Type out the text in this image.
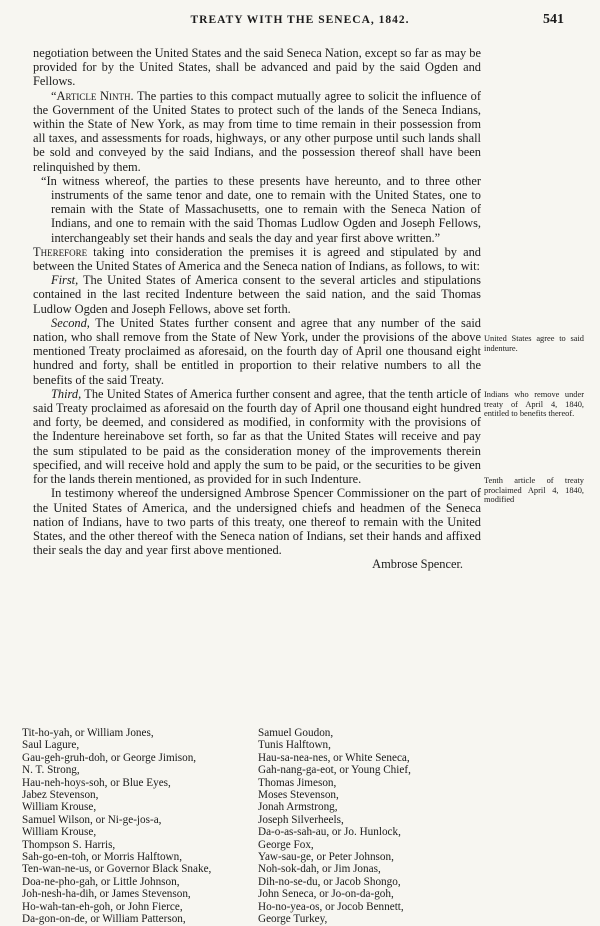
TREATY WITH THE SENECA, 1842.	541

negotiation between the United States and the said Seneca Nation, except so far as may be provided for by the United States, shall be advanced and paid by the said Ogden and Fellows.

“Article Ninth. The parties to this compact mutually agree to solicit the influence of the Government of the United States to protect such of the lands of the Seneca Indians, within the State of New York, as may from time to time remain in their possession from all taxes, and assessments for roads, highways, or any other purpose until such lands shall be sold and conveyed by the said Indians, and the possession thereof shall have been relinquished by them.

“In witness whereof, the parties to these presents have hereunto, and to three other instruments of the same tenor and date, one to remain with the United States, one to remain with the State of Massachusetts, one to remain with the Seneca Nation of Indians, and one to remain with the said Thomas Ludlow Ogden and Joseph Fellows, interchangeably set their hands and seals the day and year first above written.”

Therefore taking into consideration the premises it is agreed and stipulated by and between the United States of America and the Seneca nation of Indians, as follows, to wit:

First, The United States of America consent to the several articles and stipulations contained in the last recited Indenture between the said nation, and the said Thomas Ludlow Ogden and Joseph Fellows, above set forth.

Second, The United States further consent and agree that any number of the said nation, who shall remove from the State of New York, under the provisions of the above mentioned Treaty proclaimed as aforesaid, on the fourth day of April one thousand eight hundred and forty, shall be entitled in proportion to their relative numbers to all the benefits of the said Treaty.

Third, The United States of America further consent and agree, that the tenth article of said Treaty proclaimed as aforesaid on the fourth day of April one thousand eight hundred and forty, be deemed, and considered as modified, in conformity with the provisions of the Indenture hereinabove set forth, so far as that the United States will receive and pay the sum stipulated to be paid as the consideration money of the improvements therein specified, and will receive hold and apply the sum to be paid, or the securities to be given for the lands therein mentioned, as provided for in such Indenture.

In testimony whereof the undersigned Ambrose Spencer Commissioner on the part of the United States of America, and the undersigned chiefs and headmen of the Seneca nation of Indians, have to two parts of this treaty, one thereof to remain with the United States, and the other thereof with the Seneca nation of Indians, set their hands and affixed their seals the day and year first above mentioned.

Ambrose Spencer.

United States agree to said indenture.
Indians who remove under treaty of April 4, 1840, entitled to benefits thereof.
Tenth article of treaty proclaimed April 4, 1840, modified
Tit-ho-yah, or William Jones,
Saul Lagure,
Gau-geh-gruh-doh, or George Jimison,
N. T. Strong,
Hau-neh-hoys-soh, or Blue Eyes,
Jabez Stevenson,
William Krouse,
Samuel Wilson, or Ni-ge-jos-a,
William Krouse,
Thompson S. Harris,
Sah-go-en-toh, or Morris Halftown,
Ten-wan-ne-us, or Governor Black Snake,
Doa-ne-pho-gah, or Little Johnson,
Joh-nesh-ha-dih, or James Stevenson,
Ho-wah-tan-eh-goh, or John Fierce,
Da-gon-on-de, or William Patterson,
Samuel Goudon,
Tunis Halftown,
Hau-sa-nea-nes, or White Seneca,
Gah-nang-ga-eot, or Young Chief,
Thomas Jimeson,
Moses Stevenson,
Jonah Armstrong,
Joseph Silverheels,
Da-o-as-sah-au, or Jo. Hunlock,
George Fox,
Yaw-sau-ge, or Peter Johnson,
Noh-sok-dah, or Jim Jonas,
Dih-no-se-du, or Jacob Shongo,
John Seneca, or Jo-on-da-goh,
Ho-no-yea-os, or Jocob Bennett,
George Turkey,
